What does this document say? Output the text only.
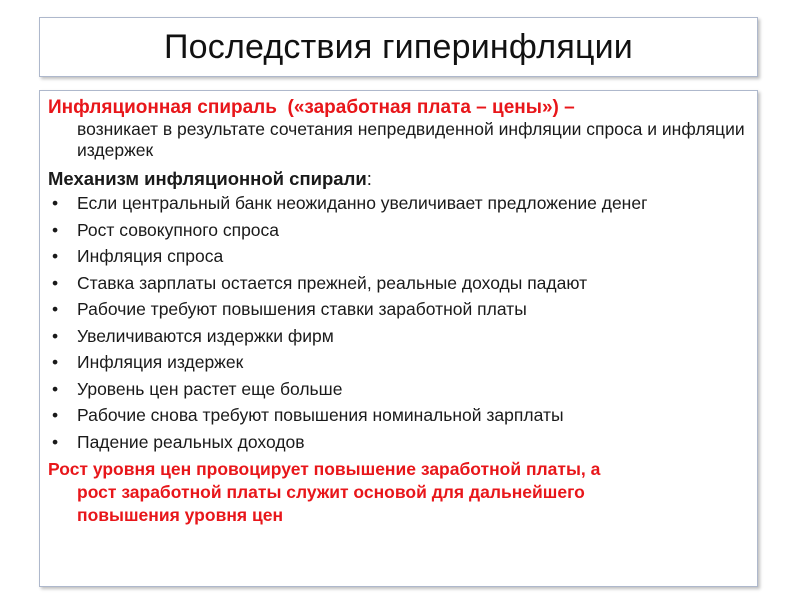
Последствия гиперинфляции
Инфляционная спираль («заработная плата – цены») –
возникает в результате сочетания непредвиденной инфляции спроса и инфляции издержек
Механизм инфляционной спирали:
• Если центральный банк неожиданно увеличивает предложение денег
• Рост совокупного спроса
• Инфляция спроса
• Ставка зарплаты остается прежней, реальные доходы падают
• Рабочие требуют повышения ставки заработной платы
• Увеличиваются издержки фирм
• Инфляция издержек
• Уровень цен растет еще больше
• Рабочие снова требуют повышения номинальной зарплаты
• Падение реальных доходов
Рост уровня цен провоцирует повышение заработной платы, а
рост заработной платы служит основой для дальнейшего
повышения уровня цен
